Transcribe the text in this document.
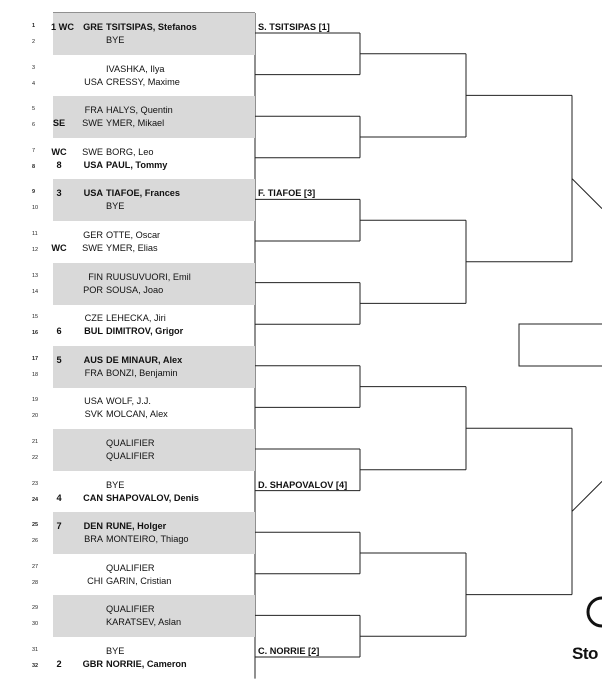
1 1 WC GRE TSITSIPAS, Stefanos
2	BYE
3	IVASHKA, Ilya
4	USA CRESSY, Maxime
5	FRA HALYS, Quentin
6	SE	SWE YMER, Mikael
7	WC	SWE BORG, Leo
8	8	USA PAUL, Tommy
9	3	USA TIAFOE, Frances
10	BYE
11	GER OTTE, Oscar
12	WC	SWE YMER, Elias
13	FIN RUUSUVUORI, Emil
14	POR SOUSA, Joao
15	CZE LEHECKA, Jiri
16	6	BUL DIMITROV, Grigor
17	5	AUS DE MINAUR, Alex
18	FRA BONZI, Benjamin
19	USA WOLF, J.J.
20	SVK MOLCAN, Alex
21	QUALIFIER
22	QUALIFIER
23	BYE
24	4	CAN SHAPOVALOV, Denis
25	7	DEN RUNE, Holger
26	BRA MONTEIRO, Thiago
27	QUALIFIER
28	CHI GARIN, Cristian
29	QUALIFIER
30	KARATSEV, Aslan
31	BYE
32	2	GBR NORRIE, Cameron
S. TSITSIPAS [1]
F. TIAFOE [3]
D. SHAPOVALOV [4]
C. NORRIE [2]	Sto
